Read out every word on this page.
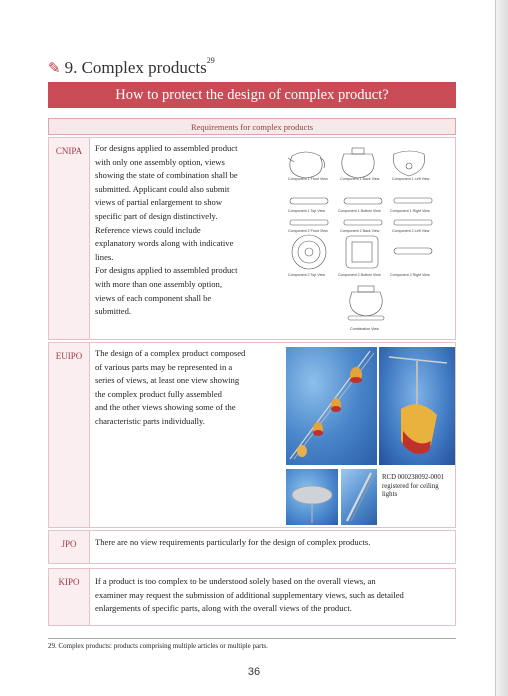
✎ 9. Complex products$^{29}$
How to protect the design of complex product?
Requirements for complex products
CNIPA	For designs applied to assembled product
with only one assembly option, views
showing the state of combination shall be
submitted. Applicant could also submit
views of partial enlargement to show
specific part of design distinctively.
Reference views could include
explanatory words along with indicative
lines.
For designs applied to assembled product
with more than one assembly option,
views of each component shall be
submitted.
Component 1 Front View	Component 1 Back View	Component 1 Left View
Component 1 Top View	Component 1 Bottom View	Component 1 Right View
Component 2 Front View	Component 2 Back View	Component 2 Left View
Component 2 Top View	Component 2 Bottom View	Component 2 Right View
Combination View
EUIPO	The design of a complex product composed
of various parts may be represented in a
series of views, at least one view showing
the complex product fully assembled
and the other views showing some of the
characteristic parts individually.
RCD 000238092-0001
registered for ceiling
lights
JPO	There are no view requirements particularly for the design of complex products.
KIPO	If a product is too complex to be understood solely based on the overall views, an
examiner may request the submission of additional supplementary views, such as detailed
enlargements of specific parts, along with the overall views of the product.
29. Complex products: products comprising multiple articles or multiple parts.
36
